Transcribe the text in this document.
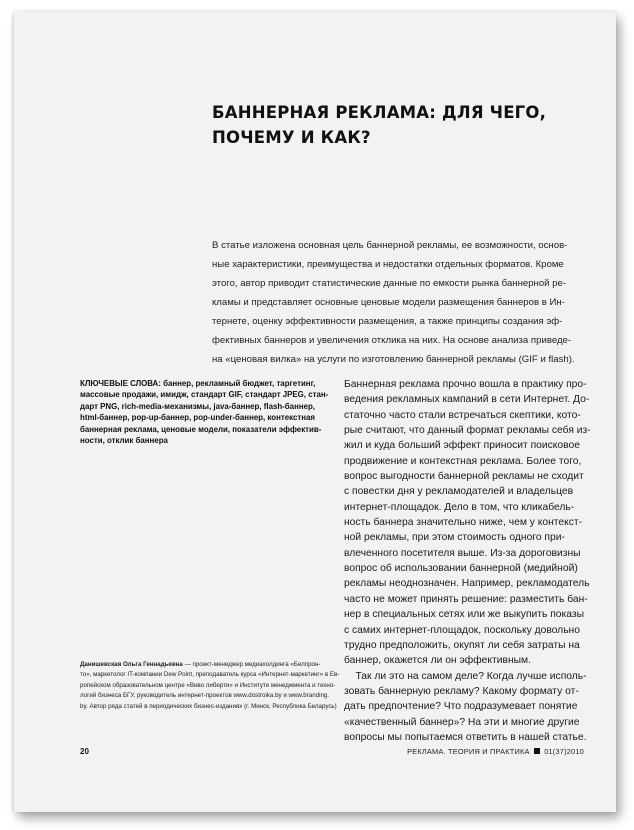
БАННЕРНАЯ РЕКЛАМА: ДЛЯ ЧЕГО,
ПОЧЕМУ И КАК?
В статье изложена основная цель баннерной рекламы, ее возможности, основ-
ные характеристики, преимущества и недостатки отдельных форматов. Кроме
этого, автор приводит статистические данные по емкости рынка баннерной ре-
кламы и представляет основные ценовые модели размещения баннеров в Ин-
тернете, оценку эффективности размещения, а также принципы создания эф-
фективных баннеров и увеличения отклика на них. На основе анализа приведе-
на «ценовая вилка» на услуги по изготовлению баннерной рекламы (GIF и flash).
КЛЮЧЕВЫЕ СЛОВА: баннер, рекламный бюджет, таргетинг,
массовые продажи, имидж, стандарт GIF, стандарт JPEG, стан-
дарт PNG, rich-media-механизмы, java-баннер, flash-баннер,
html-баннер, pop-up-баннер, pop-under-баннер, контекстная
баннерная реклама, ценовые модели, показатели эффектив-
ности, отклик баннера
Данишевская Ольга Геннадьевна — проект-менеджер медиахолдинга «Белпрон-
то», маркетолог IT-компании Dew Point, преподаватель курса «Интернет-маркетинг» в Ев-
ропейском образовательном центре «Виво либерти» и Институте менеджмента и техно-
логий бизнеса БГУ, руководитель интернет-проектов www.dostroika.by и www.branding.
by. Автор ряда статей в периодических бизнес-изданиях (г. Минск, Республика Беларусь)
Баннерная реклама прочно вошла в практику про-
ведения рекламных кампаний в сети Интернет. До-
статочно часто стали встречаться скептики, кото-
рые считают, что данный формат рекламы себя из-
жил и куда больший эффект приносит поисковое
продвижение и контекстная реклама. Более того,
вопрос выгодности баннерной рекламы не сходит
с повестки дня у рекламодателей и владельцев
интернет-площадок. Дело в том, что кликабель-
ность баннера значительно ниже, чем у контекст-
ной рекламы, при этом стоимость одного при-
влеченного посетителя выше. Из-за дороговизны
вопрос об использовании баннерной (медийной)
рекламы неоднозначен. Например, рекламодатель
часто не может принять решение: разместить бан-
нер в специальных сетях или же выкупить показы
с самих интернет-площадок, поскольку довольно
трудно предположить, окупят ли себя затраты на
баннер, окажется ли он эффективным.
Так ли это на самом деле? Когда лучше исполь-
зовать баннерную рекламу? Какому формату от-
дать предпочтение? Что подразумевает понятие
«качественный баннер»? На эти и многие другие
вопросы мы попытаемся ответить в нашей статье.
20	РЕКЛАМА. ТЕОРИЯ И ПРАКТИКА 01(37)2010
